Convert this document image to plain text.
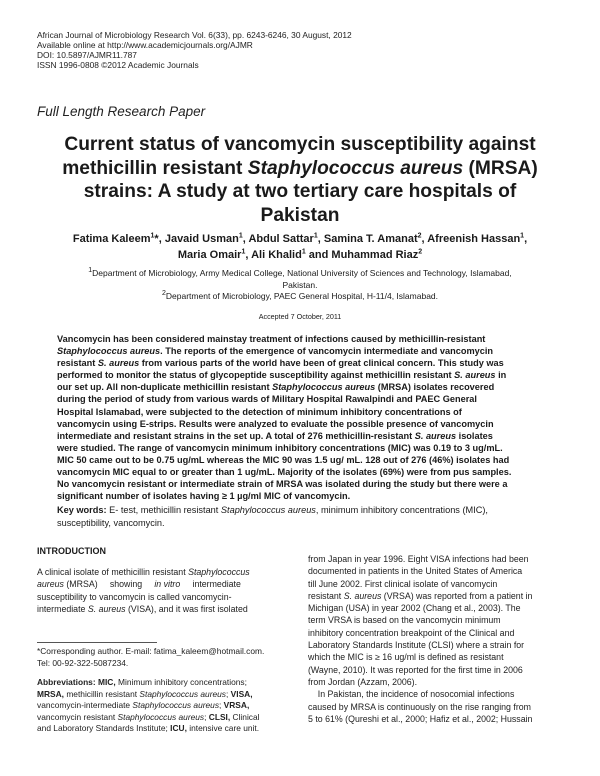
African Journal of Microbiology Research Vol. 6(33), pp. 6243-6246, 30 August, 2012
Available online at http://www.academicjournals.org/AJMR
DOI: 10.5897/AJMR11.787
ISSN 1996-0808 ©2012 Academic Journals
Full Length Research Paper
Current status of vancomycin susceptibility against
methicillin resistant Staphylococcus aureus (MRSA)
strains: A study at two tertiary care hospitals of
Pakistan
Fatima Kaleem$^1$*, Javaid Usman$^1$, Abdul Sattar$^1$, Samina T. Amanat$^2$, Afreenish Hassan$^1$,
Maria Omair$^1$, Ali Khalid$^1$ and Muhammad Riaz$^2$
$^1$Department of Microbiology, Army Medical College, National University of Sciences and Technology, Islamabad,
Pakistan.
$^2$Department of Microbiology, PAEC General Hospital, H-11/4, Islamabad.
Accepted 7 October, 2011
Vancomycin has been considered mainstay treatment of infections caused by methicillin-resistant
Staphylococcus aureus. The reports of the emergence of vancomycin intermediate and vancomycin
resistant S. aureus from various parts of the world have been of great clinical concern. This study was
performed to monitor the status of glycopeptide susceptibility against methicillin resistant S. aureus in
our set up. All non-duplicate methicillin resistant Staphylococcus aureus (MRSA) isolates recovered
during the period of study from various wards of Military Hospital Rawalpindi and PAEC General
Hospital Islamabad, were subjected to the detection of minimum inhibitory concentrations of
vancomycin using E-strips. Results were analyzed to evaluate the possible presence of vancomycin
intermediate and resistant strains in the set up. A total of 276 methicillin-resistant S. aureus isolates
were studied. The range of vancomycin minimum inhibitory concentrations (MIC) was 0.19 to 3 ug/mL.
MIC 50 came out to be 0.75 ug/mL whereas the MIC 90 was 1.5 ug/ mL. 128 out of 276 (46%) isolates had
vancomycin MIC equal to or greater than 1 ug/mL. Majority of the isolates (69%) were from pus samples.
No vancomycin resistant or intermediate strain of MRSA was isolated during the study but there were a
significant number of isolates having ≥ 1 µg/ml MIC of vancomycin.
Key words: E- test, methicillin resistant Staphylococcus aureus, minimum inhibitory concentrations (MIC),
susceptibility, vancomycin.
INTRODUCTION
A clinical isolate of methicillin resistant Staphylococcus
aureus (MRSA)     showing     in vitro     intermediate
susceptibility to vancomycin is called vancomycin-
intermediate S. aureus (VISA), and it was first isolated
*Corresponding author. E-mail: fatima_kaleem@hotmail.com.
Tel: 00-92-322-5087234.
Abbreviations: MIC, Minimum inhibitory concentrations;
MRSA, methicillin resistant Staphylococcus aureus; VISA,
vancomycin-intermediate Staphylococcus aureus; VRSA,
vancomycin resistant Staphylococcus aureus; CLSI, Clinical
and Laboratory Standards Institute; ICU, intensive care unit.
from Japan in year 1996. Eight VISA infections had been
documented in patients in the United States of America
till June 2002. First clinical isolate of vancomycin
resistant S. aureus (VRSA) was reported from a patient in
Michigan (USA) in year 2002 (Chang et al., 2003). The
term VRSA is based on the vancomycin minimum
inhibitory concentration breakpoint of the Clinical and
Laboratory Standards Institute (CLSI) where a strain for
which the MIC is ≥ 16 ug/ml is defined as resistant
(Wayne, 2010). It was reported for the first time in 2006
from Jordan (Azzam, 2006).
In Pakistan, the incidence of nosocomial infections
caused by MRSA is continuously on the rise ranging from
5 to 61% (Qureshi et al., 2000; Hafiz et al., 2002; Hussain
